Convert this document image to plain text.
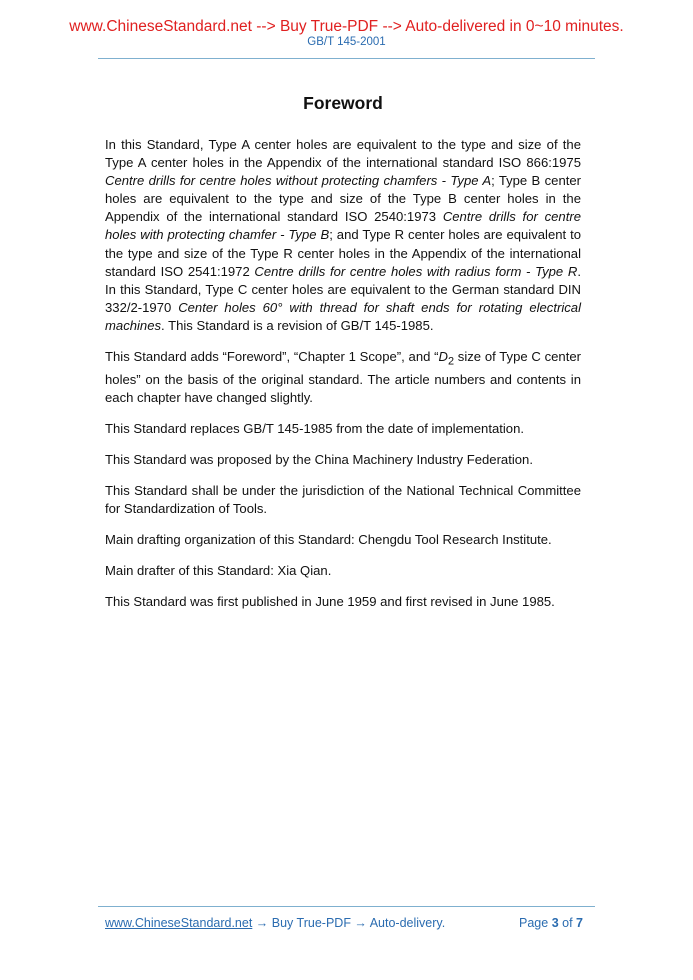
www.ChineseStandard.net --> Buy True-PDF --> Auto-delivered in 0~10 minutes.
GB/T 145-2001
Foreword

In this Standard, Type A center holes are equivalent to the type and size of the Type A center holes in the Appendix of the international standard ISO 866:1975 Centre drills for centre holes without protecting chamfers - Type A; Type B center holes are equivalent to the type and size of the Type B center holes in the Appendix of the international standard ISO 2540:1973 Centre drills for centre holes with protecting chamfer - Type B; and Type R center holes are equivalent to the type and size of the Type R center holes in the Appendix of the international standard ISO 2541:1972 Centre drills for centre holes with radius form - Type R. In this Standard, Type C center holes are equivalent to the German standard DIN 332/2-1970 Center holes 60° with thread for shaft ends for rotating electrical machines. This Standard is a revision of GB/T 145-1985.

This Standard adds “Foreword”, “Chapter 1 Scope”, and “$D_2$ size of Type C center holes” on the basis of the original standard. The article numbers and contents in each chapter have changed slightly.

This Standard replaces GB/T 145-1985 from the date of implementation.

This Standard was proposed by the China Machinery Industry Federation.

This Standard shall be under the jurisdiction of the National Technical Committee for Standardization of Tools.

Main drafting organization of this Standard: Chengdu Tool Research Institute.

Main drafter of this Standard: Xia Qian.

This Standard was first published in June 1959 and first revised in June 1985.

www.ChineseStandard.net → Buy True-PDF → Auto-delivery.	Page 3 of 7
